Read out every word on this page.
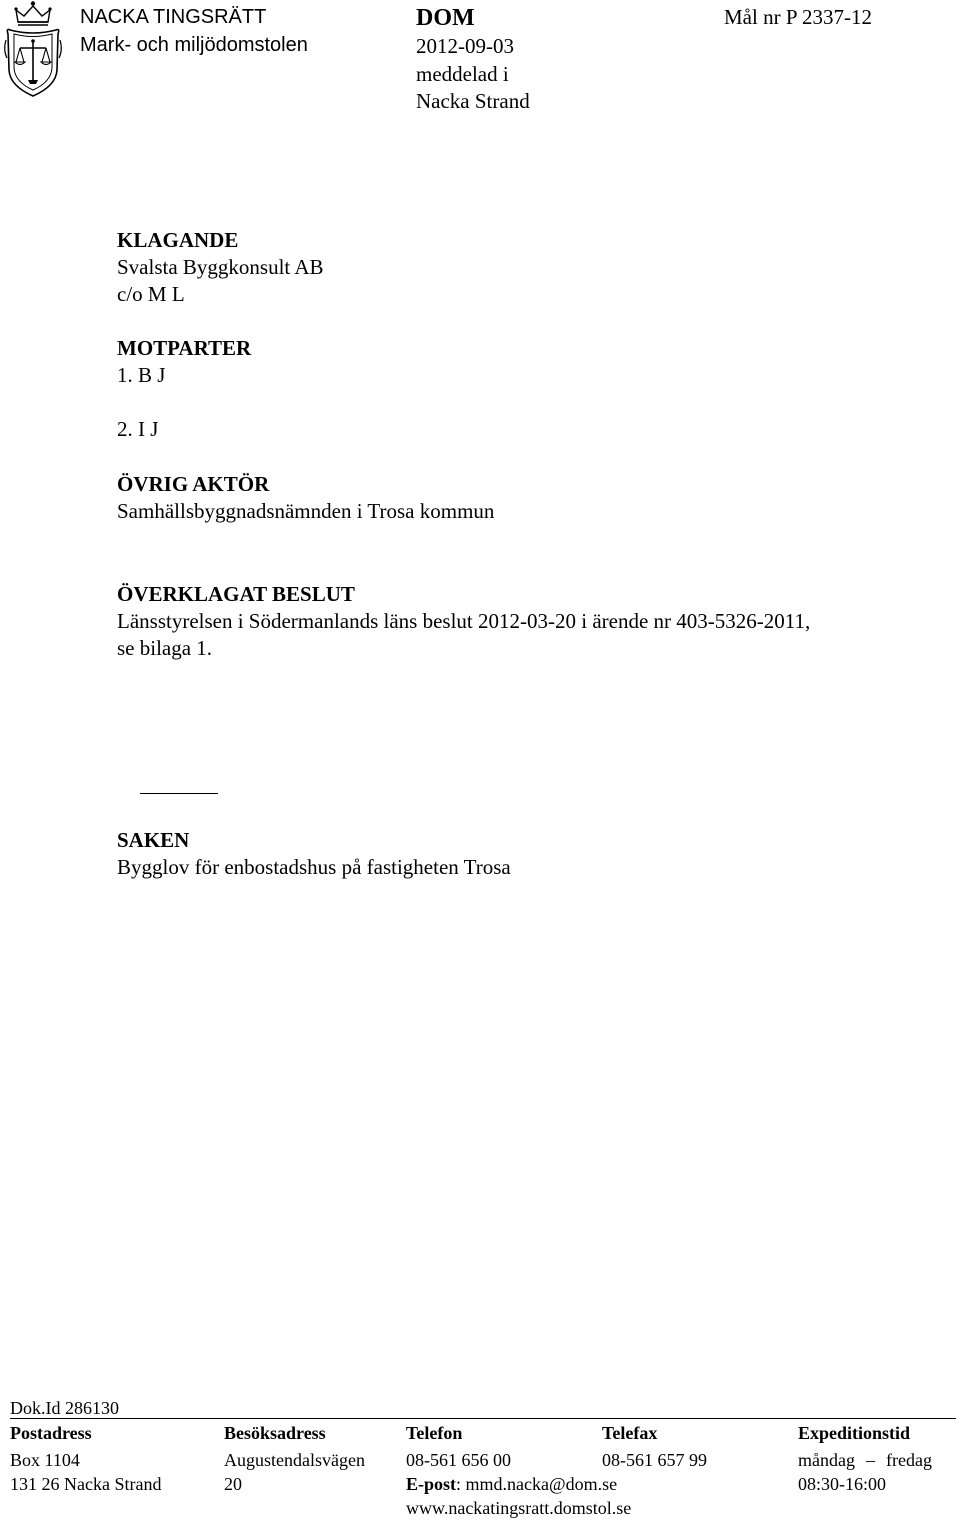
NACKA TINGSRÄTT
Mark- och miljödomstolen
DOM
2012-09-03
meddelad i
Nacka Strand
Mål nr P 2337-12
KLAGANDE
Svalsta Byggkonsult AB
c/o M L
MOTPARTER
1. B J
2. I J
ÖVRIG AKTÖR
Samhällsbyggnadsnämnden i Trosa kommun
ÖVERKLAGAT BESLUT
Länsstyrelsen i Södermanlands läns beslut 2012-03-20 i ärende nr 403-5326-2011,
se bilaga 1.
SAKEN
Bygglov för enbostadshus på fastigheten Trosa
Dok.Id 286130
Postadress
Box 1104
131 26 Nacka Strand
Besöksadress
Augustendalsvägen
20
Telefon
08-561 656 00
E-post: mmd.nacka@dom.se
www.nackatingsratt.domstol.se
Telefax
08-561 657 99
Expeditionstid
måndag – fredag
08:30-16:00
